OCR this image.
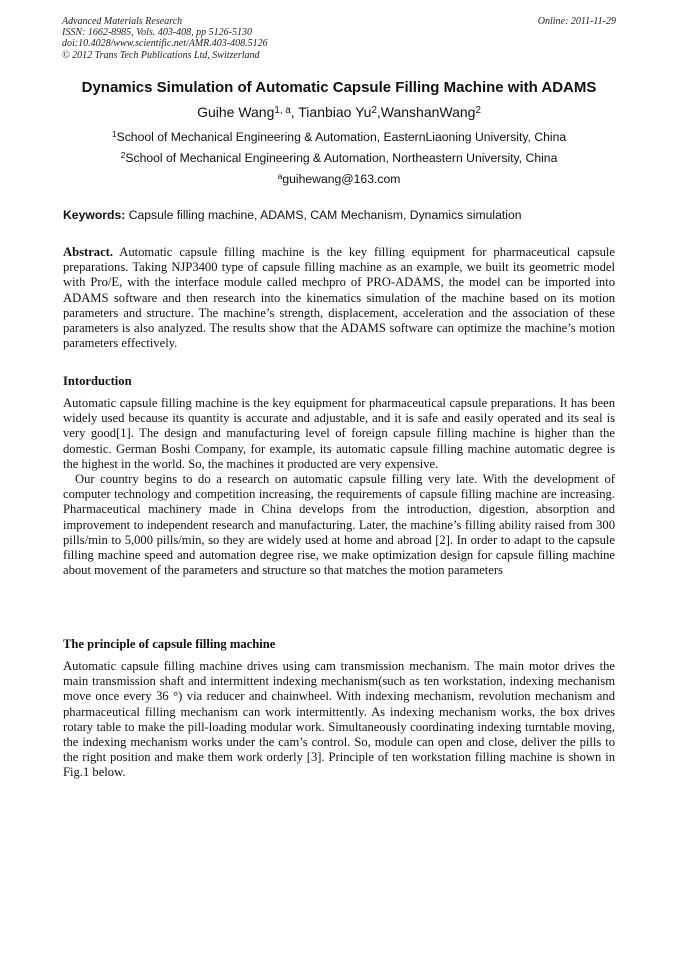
Advanced Materials Research
ISSN: 1662-8985, Vols. 403-408, pp 5126-5130
doi:10.4028/www.scientific.net/AMR.403-408.5126
© 2012 Trans Tech Publications Ltd, Switzerland
Online: 2011-11-29
Dynamics Simulation of Automatic Capsule Filling Machine with ADAMS
Guihe Wang$^{1, a}$, Tianbiao Yu$^2$,WanshanWang$^2$
$^1$School of Mechanical Engineering & Automation, EasternLiaoning University, China
$^2$School of Mechanical Engineering & Automation, Northeastern University, China
$^a$guihewang@163.com
Keywords: Capsule filling machine, ADAMS, CAM Mechanism, Dynamics simulation

Abstract. Automatic capsule filling machine is the key filling equipment for pharmaceutical capsule preparations. Taking NJP3400 type of capsule filling machine as an example, we built its geometric model with Pro/E, with the interface module called mechpro of PRO-ADAMS, the model can be imported into ADAMS software and then research into the kinematics simulation of the machine based on its motion parameters and structure. The machine’s strength, displacement, acceleration and the association of these parameters is also analyzed. The results show that the ADAMS software can optimize the machine’s motion parameters effectively.

Intorduction

Automatic capsule filling machine is the key equipment for pharmaceutical capsule preparations. It has been widely used because its quantity is accurate and adjustable, and it is safe and easily operated and its seal is very good[1]. The design and manufacturing level of foreign capsule filling machine is higher than the domestic. German Boshi Company, for example, its automatic capsule filling machine automatic degree is the highest in the world. So, the machines it producted are very expensive.

Our country begins to do a research on automatic capsule filling very late. With the development of computer technology and competition increasing, the requirements of capsule filling machine are increasing. Pharmaceutical machinery made in China develops from the introduction, digestion, absorption and improvement to independent research and manufacturing. Later, the machine’s filling ability raised from 300 pills/min to 5,000 pills/min, so they are widely used at home and abroad [2]. In order to adapt to the capsule filling machine speed and automation degree rise, we make optimization design for capsule filling machine about movement of the parameters and structure so that matches the motion parameters

The principle of capsule filling machine

Automatic capsule filling machine drives using cam transmission mechanism. The main motor drives the main transmission shaft and intermittent indexing mechanism(such as ten workstation, indexing mechanism move once every 36 °) via reducer and chainwheel. With indexing mechanism, revolution mechanism and pharmaceutical filling mechanism can work intermittently. As indexing mechanism works, the box drives rotary table to make the pill-loading modular work. Simultaneously coordinating indexing turntable moving, the indexing mechanism works under the cam’s control. So, module can open and close, deliver the pills to the right position and make them work orderly [3]. Principle of ten workstation filling machine is shown in Fig.1 below.
